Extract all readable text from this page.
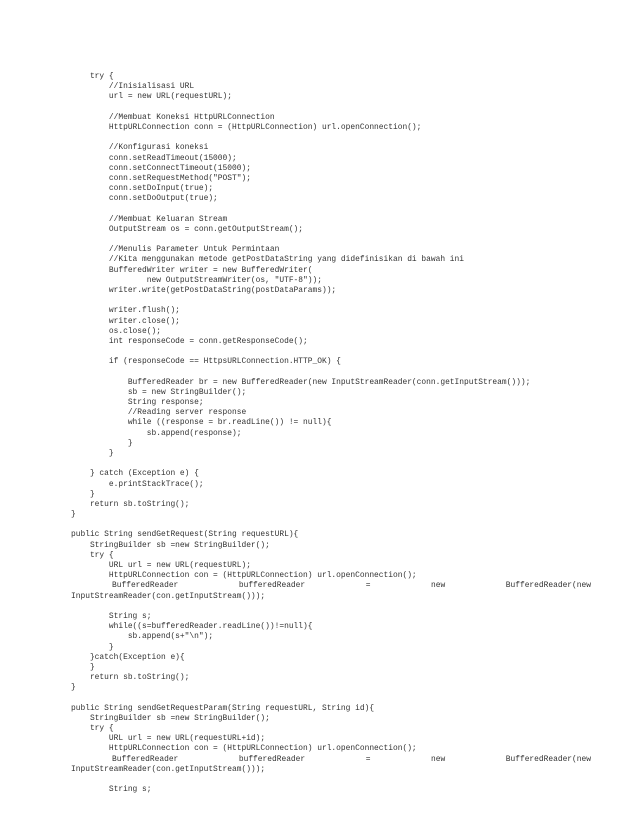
try {
//Inisialisasi URL
url = new URL(requestURL);
//Membuat Koneksi HttpURLConnection
HttpURLConnection conn = (HttpURLConnection) url.openConnection();
//Konfigurasi koneksi
conn.setReadTimeout(15000);
conn.setConnectTimeout(15000);
conn.setRequestMethod("POST");
conn.setDoInput(true);
conn.setDoOutput(true);
//Membuat Keluaran Stream
OutputStream os = conn.getOutputStream();
//Menulis Parameter Untuk Permintaan
//Kita menggunakan metode getPostDataString yang didefinisikan di bawah ini
BufferedWriter writer = new BufferedWriter(
new OutputStreamWriter(os, "UTF-8"));
writer.write(getPostDataString(postDataParams));
writer.flush();
writer.close();
os.close();
int responseCode = conn.getResponseCode();
if (responseCode == HttpsURLConnection.HTTP_OK) {
BufferedReader br = new BufferedReader(new InputStreamReader(conn.getInputStream()));
sb = new StringBuilder();
String response;
//Reading server response
while ((response = br.readLine()) != null){
sb.append(response);
}
}
} catch (Exception e) {
e.printStackTrace();
}
return sb.toString();
}
public String sendGetRequest(String requestURL){
StringBuilder sb =new StringBuilder();
try {
URL url = new URL(requestURL);
HttpURLConnection con = (HttpURLConnection) url.openConnection();
BufferedReader	bufferedReader	=	new	BufferedReader(new
InputStreamReader(con.getInputStream()));
String s;
while((s=bufferedReader.readLine())!=null){
sb.append(s+"\n");
}
}catch(Exception e){
}
return sb.toString();
}
public String sendGetRequestParam(String requestURL, String id){
StringBuilder sb =new StringBuilder();
try {
URL url = new URL(requestURL+id);
HttpURLConnection con = (HttpURLConnection) url.openConnection();
BufferedReader	bufferedReader	=	new	BufferedReader(new
InputStreamReader(con.getInputStream()));
String s;
